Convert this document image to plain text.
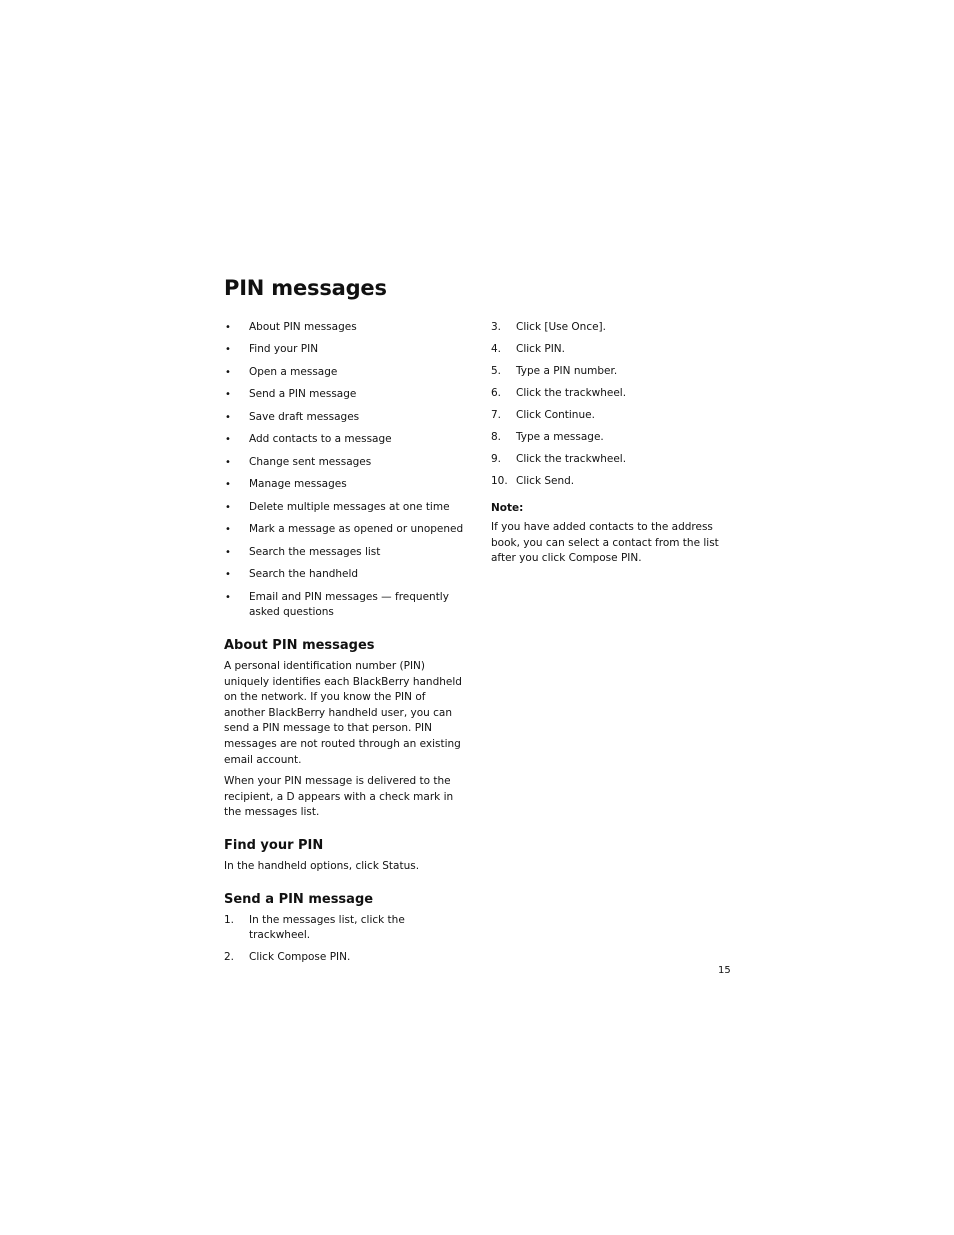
PIN messages
• About PIN messages
• Find your PIN
• Open a message
• Send a PIN message
• Save draft messages
• Add contacts to a message
• Change sent messages
• Manage messages
• Delete multiple messages at one time
• Mark a message as opened or unopened
• Search the messages list
• Search the handheld
• Email and PIN messages — frequently asked questions
About PIN messages

A personal identification number (PIN) uniquely identifies each BlackBerry handheld on the network. If you know the PIN of another BlackBerry handheld user, you can send a PIN message to that person. PIN messages are not routed through an existing email account.

When your PIN message is delivered to the recipient, a D appears with a check mark in the messages list.

Find your PIN

In the handheld options, click Status.

Send a PIN message
1. In the messages list, click the trackwheel.
2. Click Compose PIN.
3. Click [Use Once].
4. Click PIN.
5. Type a PIN number.
6. Click the trackwheel.
7. Click Continue.
8. Type a message.
9. Click the trackwheel.
10. Click Send.
Note:

If you have added contacts to the address book, you can select a contact from the list after you click Compose PIN.

15
